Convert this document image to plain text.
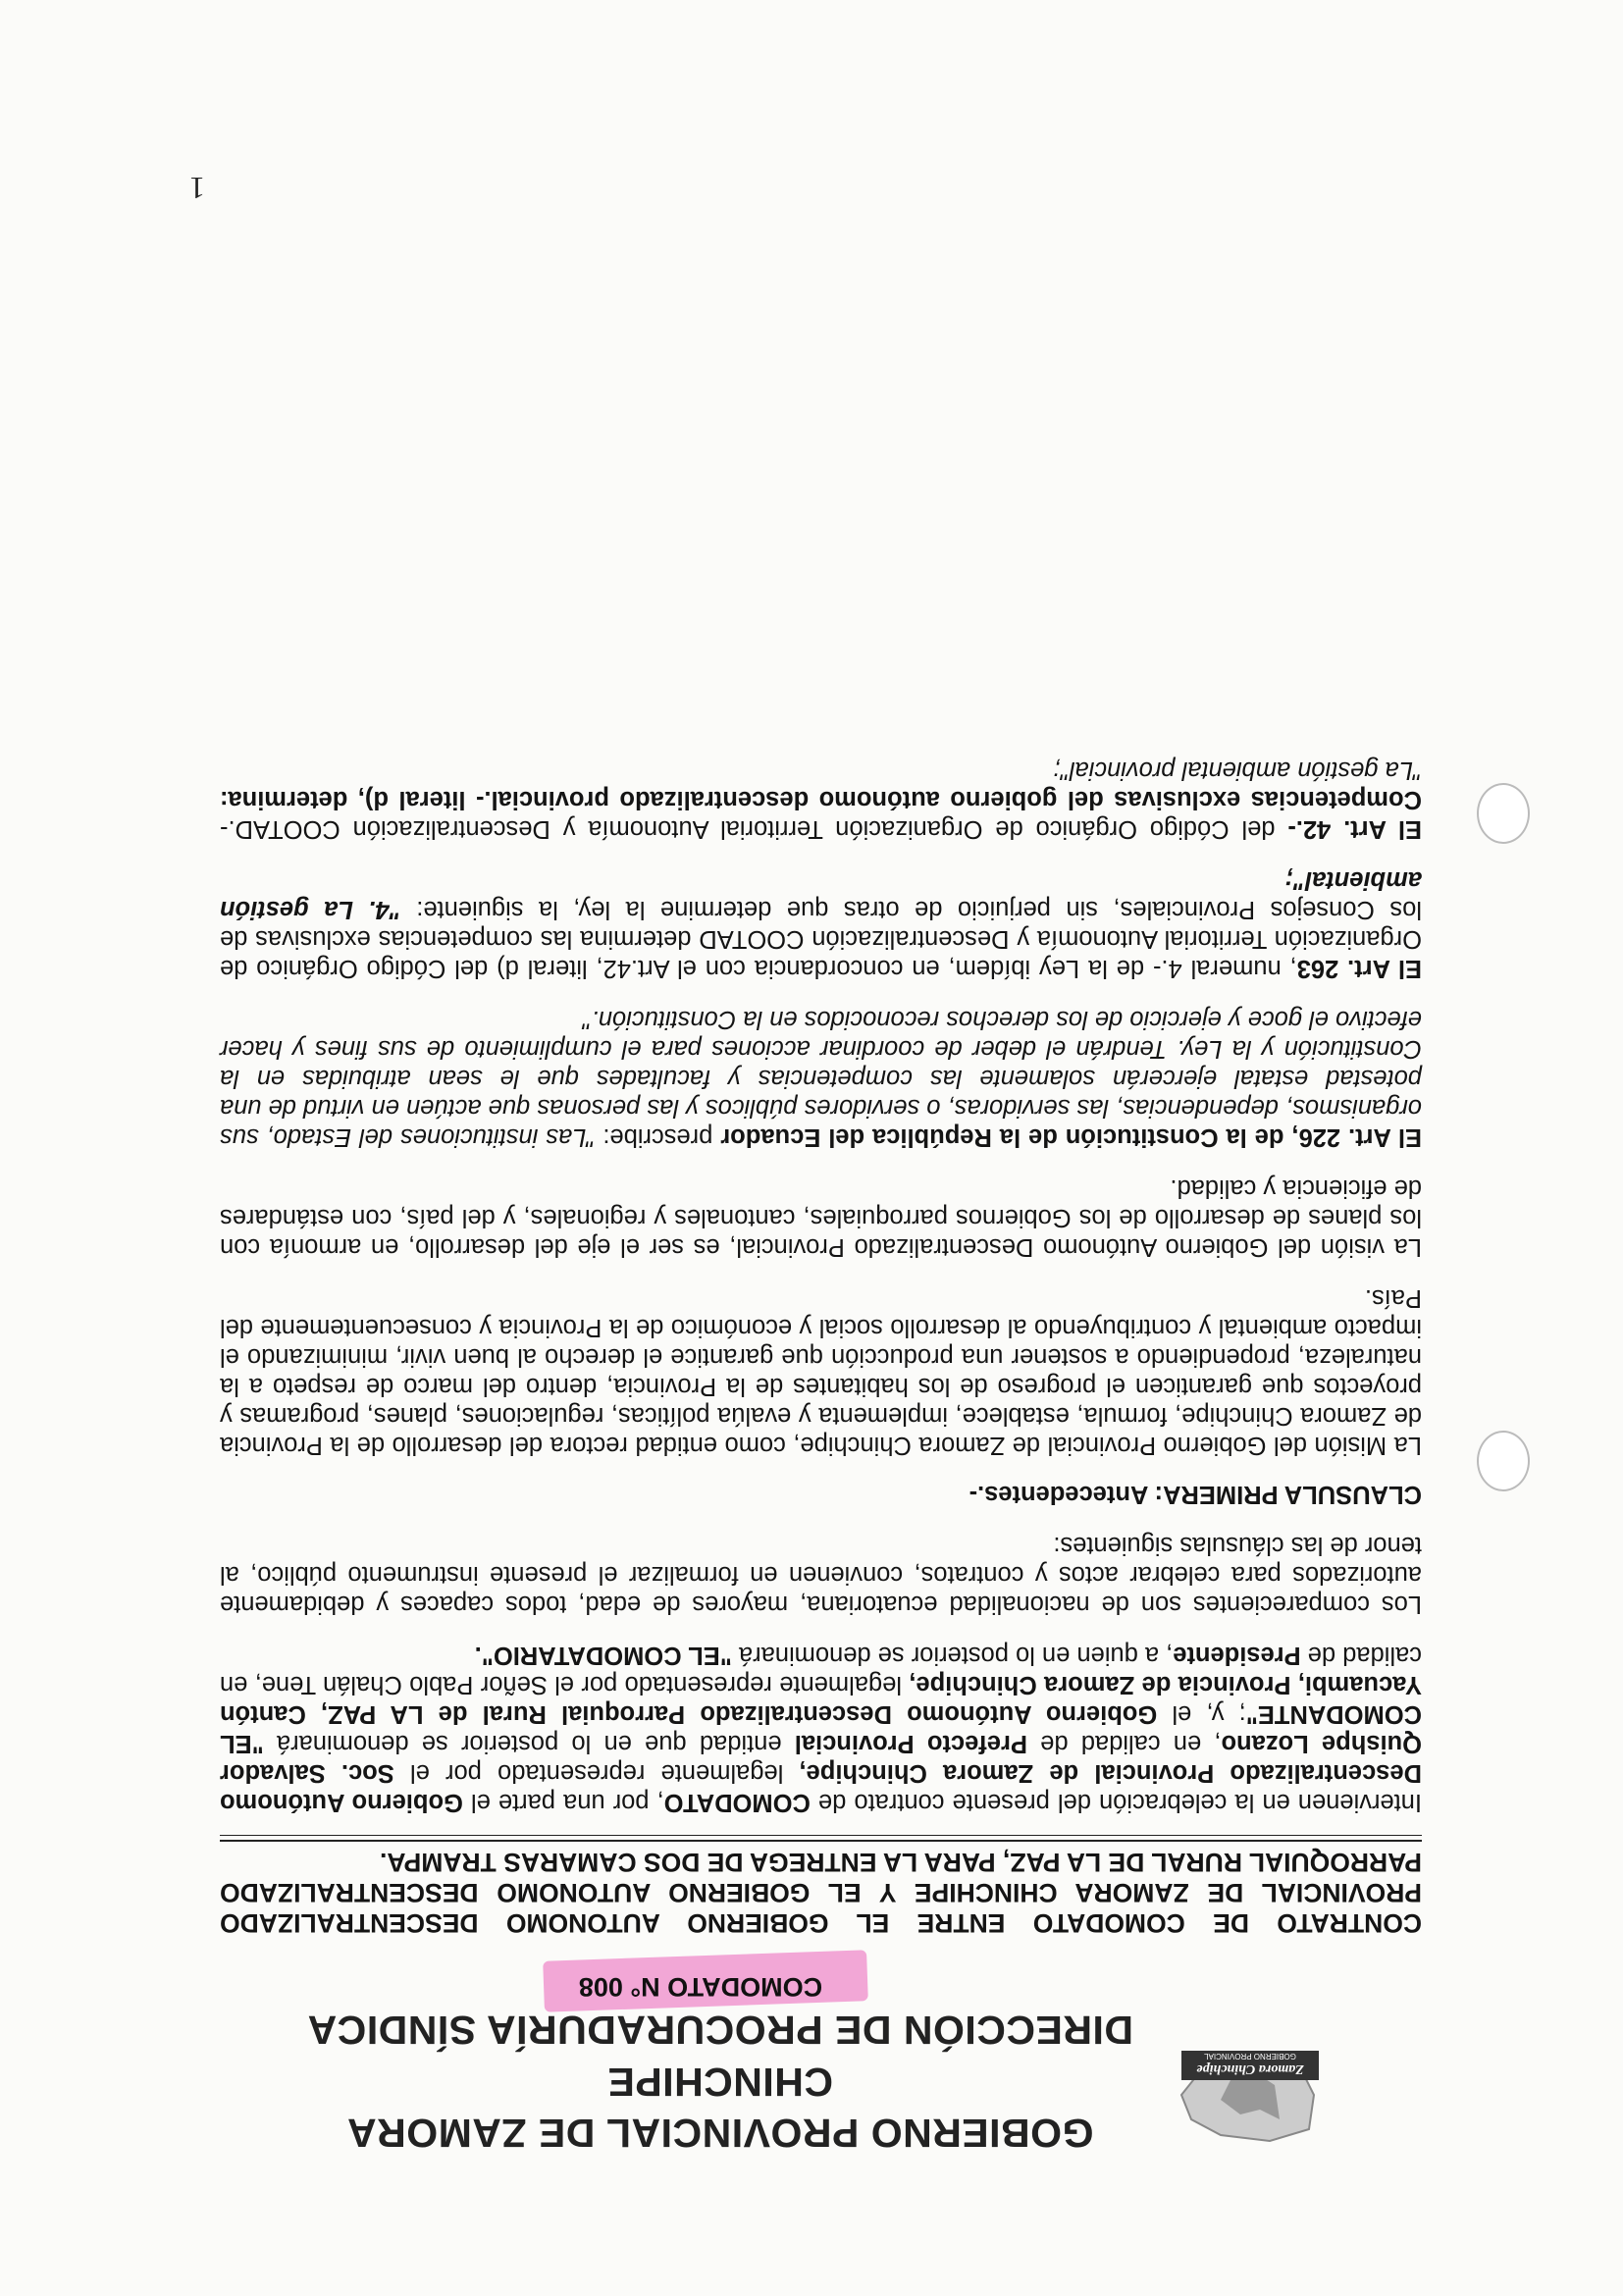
Zamora Chinchipe
GOBIERNO PROVINCIAL
GOBIERNO PROVINCIAL DE ZAMORA CHINCHIPE
DIRECCIÓN DE PROCURADURÍA SÍNDICA
COMODATO N° 008
CONTRATO DE COMODATO ENTRE EL GOBIERNO AUTONOMO DESCENTRALIZADO PROVINCIAL DE ZAMORA CHINCHIPE Y EL GOBIERNO AUTONOMO DESCENTRALIZADO PARROQUIAL RURAL DE LA PAZ, PARA LA ENTREGA DE DOS CAMARAS TRAMPA.

Intervienen en la celebración del presente contrato de COMODATO, por una parte el Gobierno Autónomo Descentralizado Provincial de Zamora Chinchipe, legalmente representado por el Soc. Salvador Quishpe Lozano, en calidad de Prefecto Provincial entidad que en lo posterior se denominará "EL COMODANTE"; y, el Gobierno Autónomo Descentralizado Parroquial Rural de LA PAZ, Cantón Yacuambi, Provincia de Zamora Chinchipe, legalmente representado por el Señor Pablo Chalán Tene, en calidad de Presidente, a quien en lo posterior se denominará "EL COMODATARIO".

Los comparecientes son de nacionalidad ecuatoriana, mayores de edad, todos capaces y debidamente autorizados para celebrar actos y contratos, convienen en formalizar el presente instrumento público, al tenor de las cláusulas siguientes:

CLAUSULA PRIMERA: Antecedentes.-

La Misión del Gobierno Provincial de Zamora Chinchipe, como entidad rectora del desarrollo de la Provincia de Zamora Chinchipe, formula, establece, implementa y evalúa políticas, regulaciones, planes, programas y proyectos que garanticen el progreso de los habitantes de la Provincia, dentro del marco de respeto a la naturaleza, propendiendo a sostener una producción que garantice el derecho al buen vivir, minimizando el impacto ambiental y contribuyendo al desarrollo social y económico de la Provincia y consecuentemente del País.

La visión del Gobierno Autónomo Descentralizado Provincial, es ser el eje del desarrollo, en armonía con los planes de desarrollo de los Gobiernos parroquiales, cantonales y regionales, y del país, con estándares de eficiencia y calidad.

El Art. 226, de la Constitución de la República del Ecuador prescribe: "Las instituciones del Estado, sus organismos, dependencias, las servidoras, o servidores públicos y las personas que actúen en virtud de una potestad estatal ejercerán solamente las competencias y facultades que le sean atribuidas en la Constitución y la Ley. Tendrán el deber de coordinar acciones para el cumplimiento de sus fines y hacer efectivo el goce y ejercicio de los derechos reconocidos en la Constitución."

El Art. 263, numeral 4.- de la Ley ibídem, en concordancia con el Art.42, literal d) del Código Orgánico de Organización Territorial Autonomía y Descentralización COOTAD determina las competencias exclusivas de los Consejos Provinciales, sin perjuicio de otras que determine la ley, la siguiente: "4. La gestión ambiental";

El Art. 42.- del Código Orgánico de Organización Territorial Autonomía y Descentralización COOTAD.- Competencias exclusivas del gobierno autónomo descentralizado provincial.- literal d), determina: "La gestión ambiental provincial";

1
